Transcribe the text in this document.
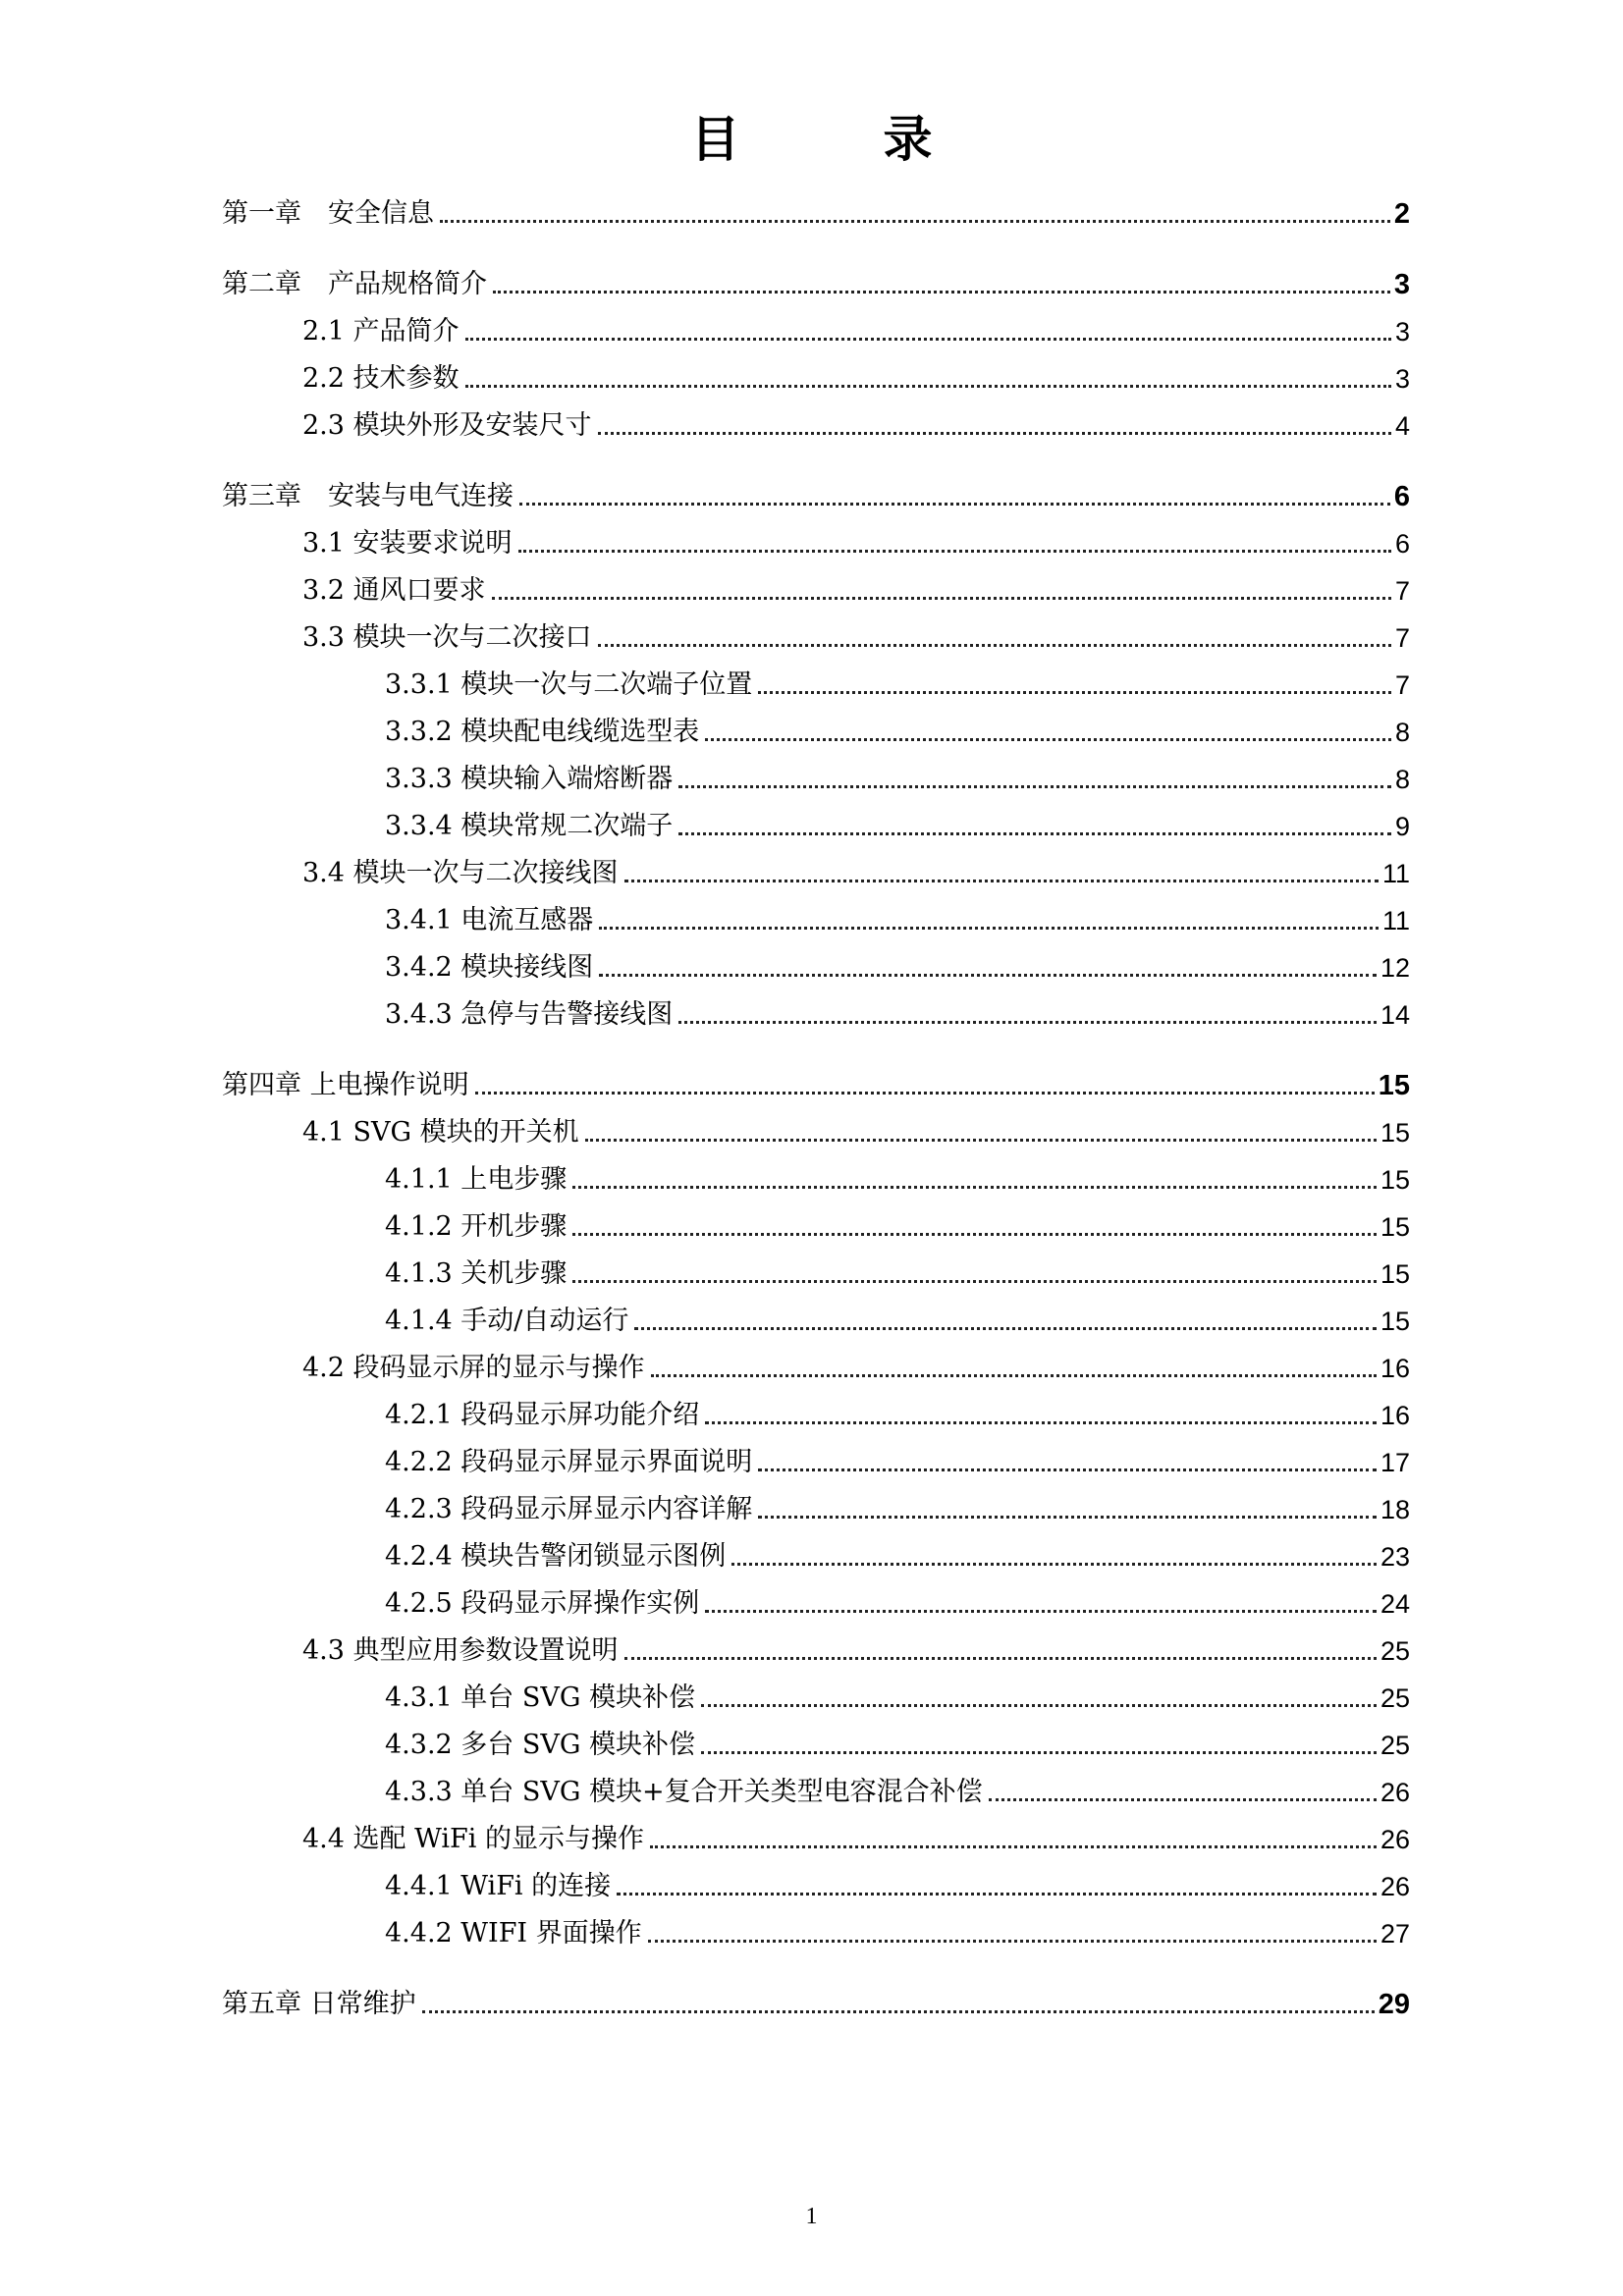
目　录
第一章　安全信息	2
第二章　产品规格简介	3
2.1 产品简介	3
2.2 技术参数	3
2.3 模块外形及安装尺寸	4
第三章　安装与电气连接	6
3.1 安装要求说明	6
3.2 通风口要求	7
3.3 模块一次与二次接口	7
3.3.1 模块一次与二次端子位置	7
3.3.2 模块配电线缆选型表	8
3.3.3 模块输入端熔断器	8
3.3.4 模块常规二次端子	9
3.4 模块一次与二次接线图	11
3.4.1 电流互感器	11
3.4.2 模块接线图	12
3.4.3 急停与告警接线图	14
第四章 上电操作说明	15
4.1 SVG 模块的开关机	15
4.1.1 上电步骤	15
4.1.2 开机步骤	15
4.1.3 关机步骤	15
4.1.4 手动/自动运行	15
4.2 段码显示屏的显示与操作	16
4.2.1 段码显示屏功能介绍	16
4.2.2 段码显示屏显示界面说明	17
4.2.3 段码显示屏显示内容详解	18
4.2.4 模块告警闭锁显示图例	23
4.2.5 段码显示屏操作实例	24
4.3 典型应用参数设置说明	25
4.3.1 单台 SVG 模块补偿	25
4.3.2 多台 SVG 模块补偿	25
4.3.3 单台 SVG 模块+复合开关类型电容混合补偿	26
4.4 选配 WiFi 的显示与操作	26
4.4.1 WiFi 的连接	26
4.4.2 WIFI 界面操作	27
第五章 日常维护	29
1
